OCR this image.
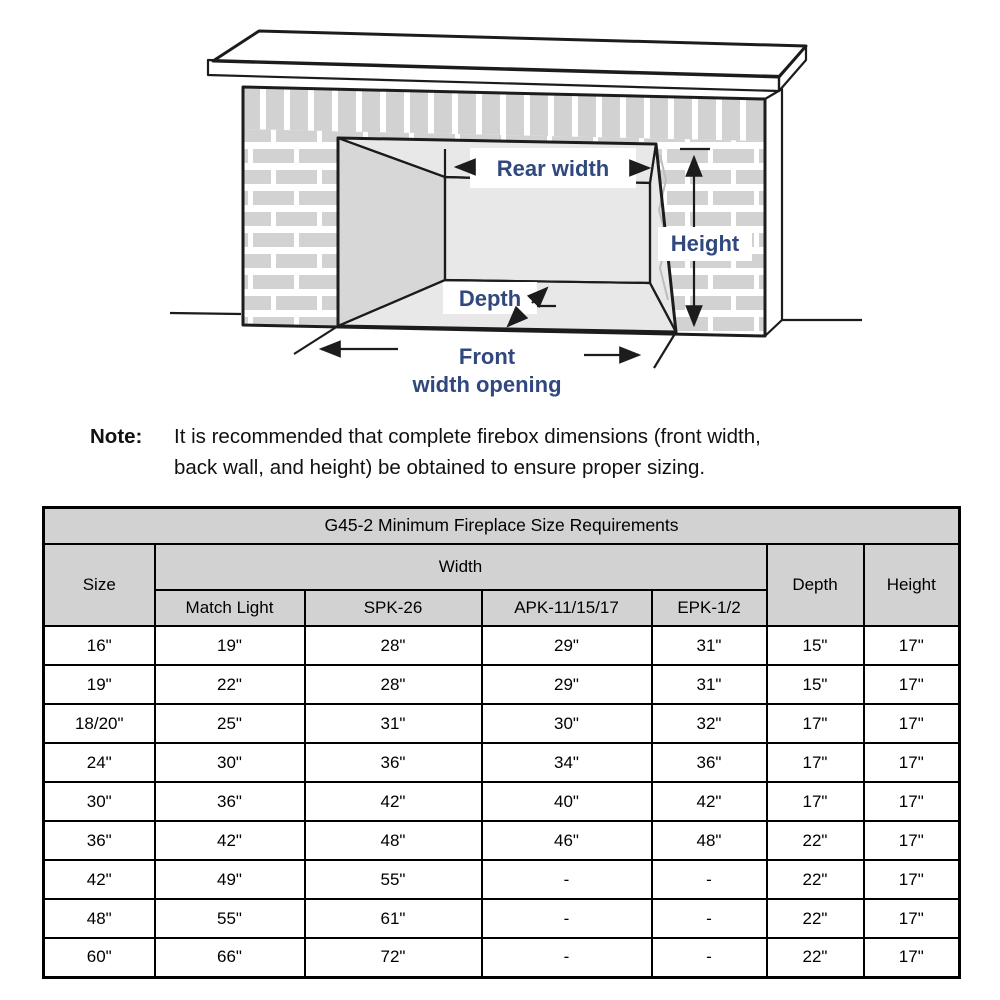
Rear width
Height
Depth
Front
width opening
Note:	It is recommended that complete firebox dimensions (front width,
back wall, and height) be obtained to ensure proper sizing.
G45-2 Minimum Fireplace Size Requirements						
Size	Width				Depth	Height
	Match Light	SPK-26	APK-11/15/17	EPK-1/2		
16"	19"	28"	29"	31"	15"	17"
19"	22"	28"	29"	31"	15"	17"
18/20"	25"	31"	30"	32"	17"	17"
24"	30"	36"	34"	36"	17"	17"
30"	36"	42"	40"	42"	17"	17"
36"	42"	48"	46"	48"	22"	17"
42"	49"	55"	-	-	22"	17"
48"	55"	61"	-	-	22"	17"
60"	66"	72"	-	-	22"	17"
